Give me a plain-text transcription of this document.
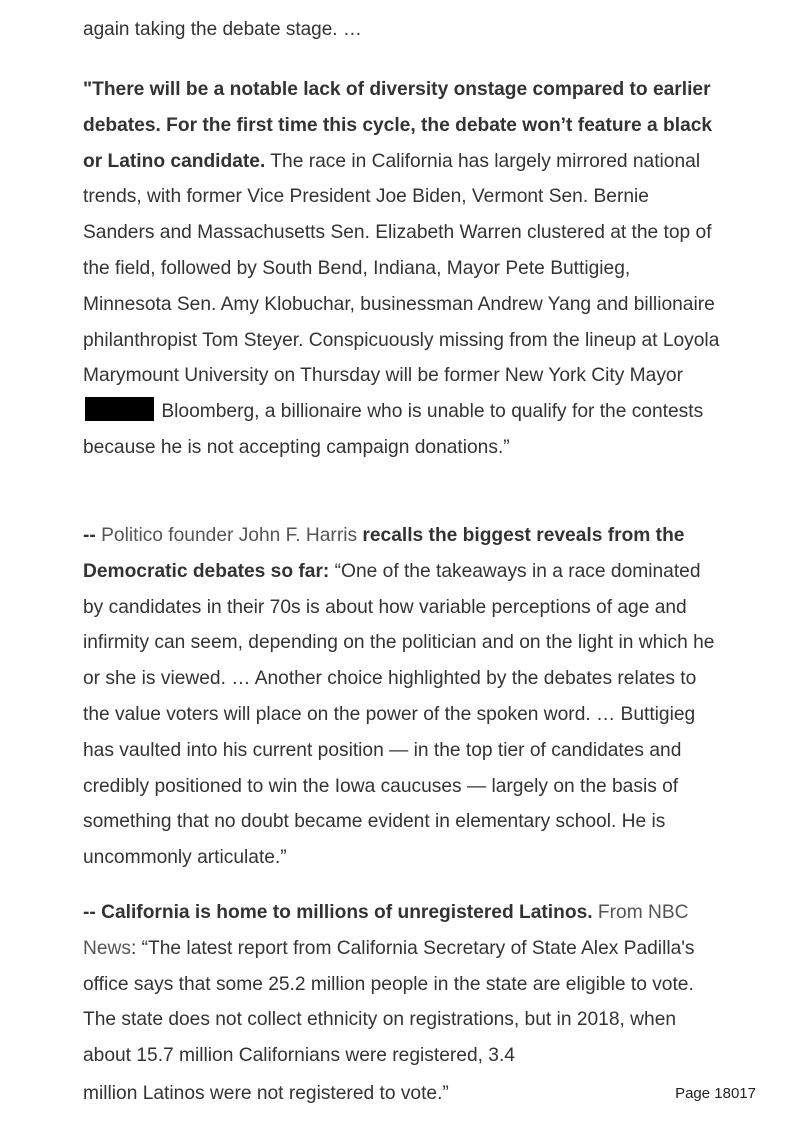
again taking the debate stage. …

"There will be a notable lack of diversity onstage compared to earlier debates. For the first time this cycle, the debate won’t feature a black or Latino candidate. The race in California has largely mirrored national trends, with former Vice President Joe Biden, Vermont Sen. Bernie Sanders and Massachusetts Sen. Elizabeth Warren clustered at the top of the field, followed by South Bend, Indiana, Mayor Pete Buttigieg, Minnesota Sen. Amy Klobuchar, businessman Andrew Yang and billionaire philanthropist Tom Steyer. Conspicuously missing from the lineup at Loyola Marymount University on Thursday will be former New York City Mayor  Bloomberg, a billionaire who is unable to qualify for the contests because he is not accepting campaign donations.”

-- Politico founder John F. Harris recalls the biggest reveals from the Democratic debates so far: “One of the takeaways in a race dominated by candidates in their 70s is about how variable perceptions of age and infirmity can seem, depending on the politician and on the light in which he or she is viewed. … Another choice highlighted by the debates relates to the value voters will place on the power of the spoken word. … Buttigieg has vaulted into his current position — in the top tier of candidates and credibly positioned to win the Iowa caucuses — largely on the basis of something that no doubt became evident in elementary school. He is uncommonly articulate.”

-- California is home to millions of unregistered Latinos. From NBC News: “The latest report from California Secretary of State Alex Padilla's office says that some 25.2 million people in the state are eligible to vote. The state does not collect ethnicity on registrations, but in 2018, when about 15.7 million Californians were registered, 3.4

million Latinos were not registered to vote.”	Page 18017
